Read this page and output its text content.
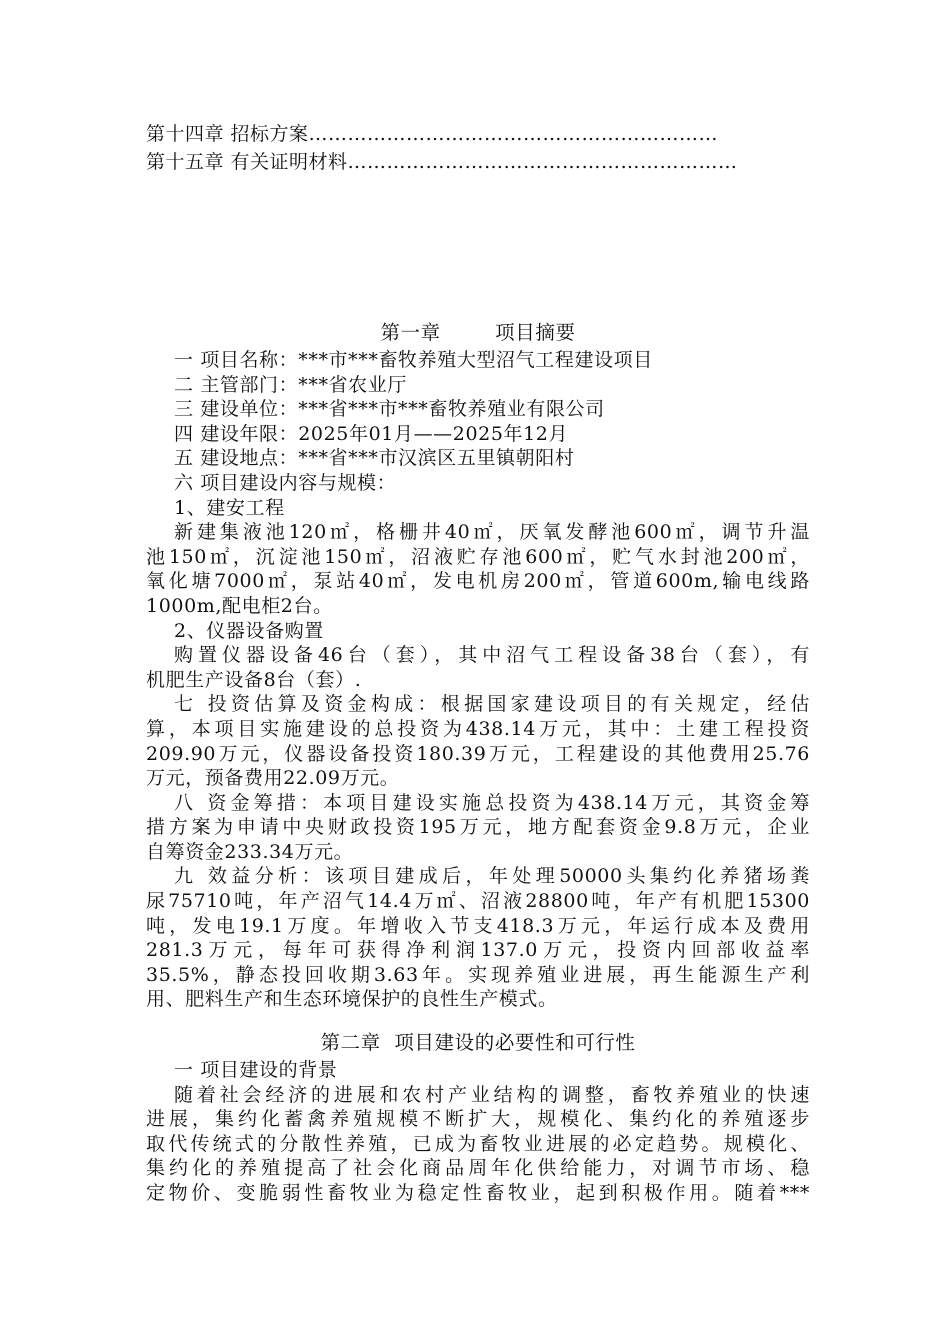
第十四章 招标方案………………………………………………………
第十五章 有关证明材料……………………………………………………
第一章        项目摘要
一 项目名称：***市***畜牧养殖大型沼气工程建设项目
二 主管部门：***省农业厅
三 建设单位：***省***市***畜牧养殖业有限公司
四 建设年限：2025年01月——2025年12月
五 建设地点：***省***市汉滨区五里镇朝阳村
六 项目建设内容与规模：
1、建安工程
新建集液池120㎡，格栅井40㎡，厌氧发酵池600㎡，调节升温
池150㎡，沉淀池150㎡，沼液贮存池600㎡，贮气水封池200㎡，
氧化塘7000㎡，泵站40㎡，发电机房200㎡，管道600m,输电线路
1000m,配电柜2台。
2、仪器设备购置
购置仪器设备46台（套），其中沼气工程设备38台（套），有
机肥生产设备8台（套）.
七 投资估算及资金构成：根据国家建设项目的有关规定，经估
算，本项目实施建设的总投资为438.14万元，其中：土建工程投资
209.90万元，仪器设备投资180.39万元，工程建设的其他费用25.76
万元，预备费用22.09万元。
八 资金筹措：本项目建设实施总投资为438.14万元，其资金筹
措方案为申请中央财政投资195万元，地方配套资金9.8万元，企业
自筹资金233.34万元。
九 效益分析：该项目建成后，年处理50000头集约化养猪场粪
尿75710吨，年产沼气14.4万㎡、沼液28800吨，年产有机肥15300
吨，发电19.1万度。年增收入节支418.3万元，年运行成本及费用
281.3万元，每年可获得净利润137.0万元，投资内回部收益率
35.5%，静态投回收期3.63年。实现养殖业进展，再生能源生产利
用、肥料生产和生态环境保护的良性生产模式。
第二章  项目建设的必要性和可行性
一 项目建设的背景
随着社会经济的进展和农村产业结构的调整，畜牧养殖业的快速
进展，集约化蓄禽养殖规模不断扩大，规模化、集约化的养殖逐步
取代传统式的分散性养殖，已成为畜牧业进展的必定趋势。规模化、
集约化的养殖提高了社会化商品周年化供给能力，对调节市场、稳
定物价、变脆弱性畜牧业为稳定性畜牧业，起到积极作用。随着***
